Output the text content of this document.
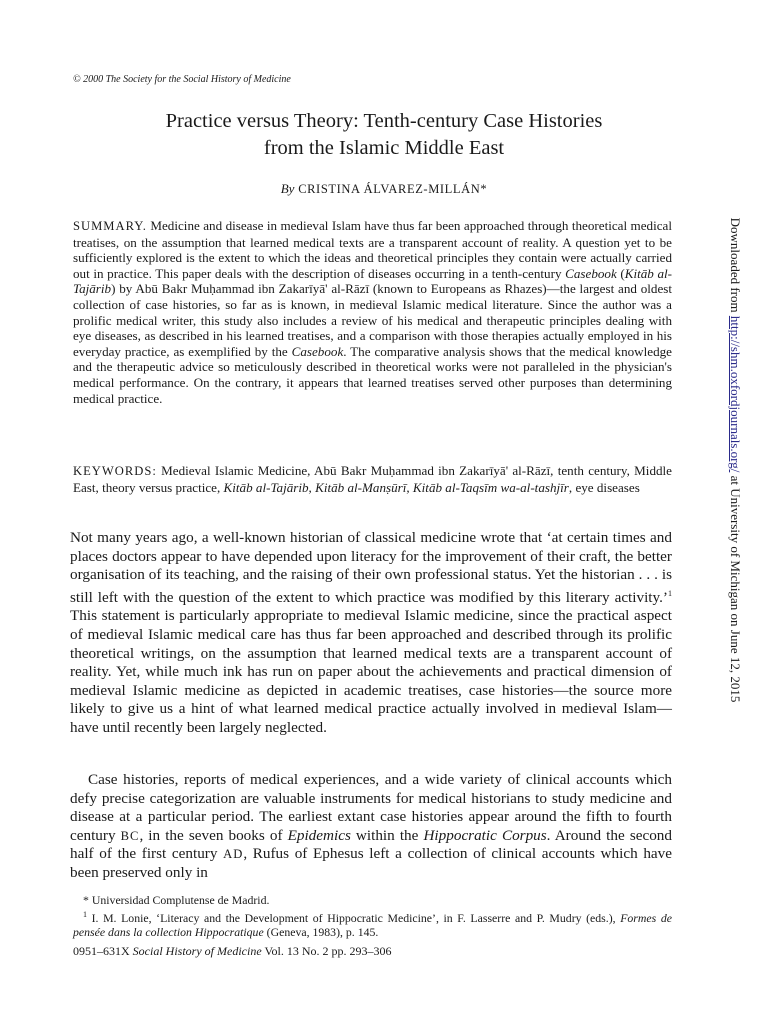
© 2000 The Society for the Social History of Medicine
Practice versus Theory: Tenth-century Case Histories
from the Islamic Middle East
By CRISTINA ÁLVAREZ-MILLÁN*

SUMMARY. Medicine and disease in medieval Islam have thus far been approached through theoretical medical treatises, on the assumption that learned medical texts are a transparent account of reality. A question yet to be sufficiently explored is the extent to which the ideas and theoretical principles they contain were actually carried out in practice. This paper deals with the description of diseases occurring in a tenth-century Casebook (Kitāb al-Tajārib) by Abū Bakr Muḥammad ibn Zakarīyā' al-Rāzī (known to Europeans as Rhazes)—the largest and oldest collection of case histories, so far as is known, in medieval Islamic medical literature. Since the author was a prolific medical writer, this study also includes a review of his medical and therapeutic principles dealing with eye diseases, as described in his learned treatises, and a comparison with those therapies actually employed in his everyday practice, as exemplified by the Casebook. The comparative analysis shows that the medical knowledge and the therapeutic advice so meticulously described in theoretical works were not paralleled in the physician's medical performance. On the contrary, it appears that learned treatises served other purposes than determining medical practice.

KEYWORDS: Medieval Islamic Medicine, Abū Bakr Muḥammad ibn Zakarīyā' al-Rāzī, tenth century, Middle East, theory versus practice, Kitāb al-Tajārib, Kitāb al-Manṣūrī, Kitāb al-Taqsīm wa-al-tashjīr, eye diseases

Not many years ago, a well-known historian of classical medicine wrote that ‘at certain times and places doctors appear to have depended upon literacy for the improvement of their craft, the better organisation of its teaching, and the raising of their own professional status. Yet the historian . . . is still left with the question of the extent to which practice was modified by this literary activity.’$^1$ This statement is particularly appropriate to medieval Islamic medicine, since the practical aspect of medieval Islamic medical care has thus far been approached and described through its prolific theoretical writings, on the assumption that learned medical texts are a transparent account of reality. Yet, while much ink has run on paper about the achievements and practical dimension of medieval Islamic medicine as depicted in academic treatises, case histories—the source more likely to give us a hint of what learned medical practice actually involved in medieval Islam—have until recently been largely neglected.

Case histories, reports of medical experiences, and a wide variety of clinical accounts which defy precise categorization are valuable instruments for medical historians to study medicine and disease at a particular period. The earliest extant case histories appear around the fifth to fourth century BC, in the seven books of Epidemics within the Hippocratic Corpus. Around the second half of the first century AD, Rufus of Ephesus left a collection of clinical accounts which have been preserved only in

* Universidad Complutense de Madrid.

$^1$ I. M. Lonie, ‘Literacy and the Development of Hippocratic Medicine’, in F. Lasserre and P. Mudry (eds.), Formes de pensée dans la collection Hippocratique (Geneva, 1983), p. 145.

0951–631X Social History of Medicine Vol. 13 No. 2 pp. 293–306
Downloaded from http://shm.oxfordjournals.org/ at University of Michigan on June 12, 2015
